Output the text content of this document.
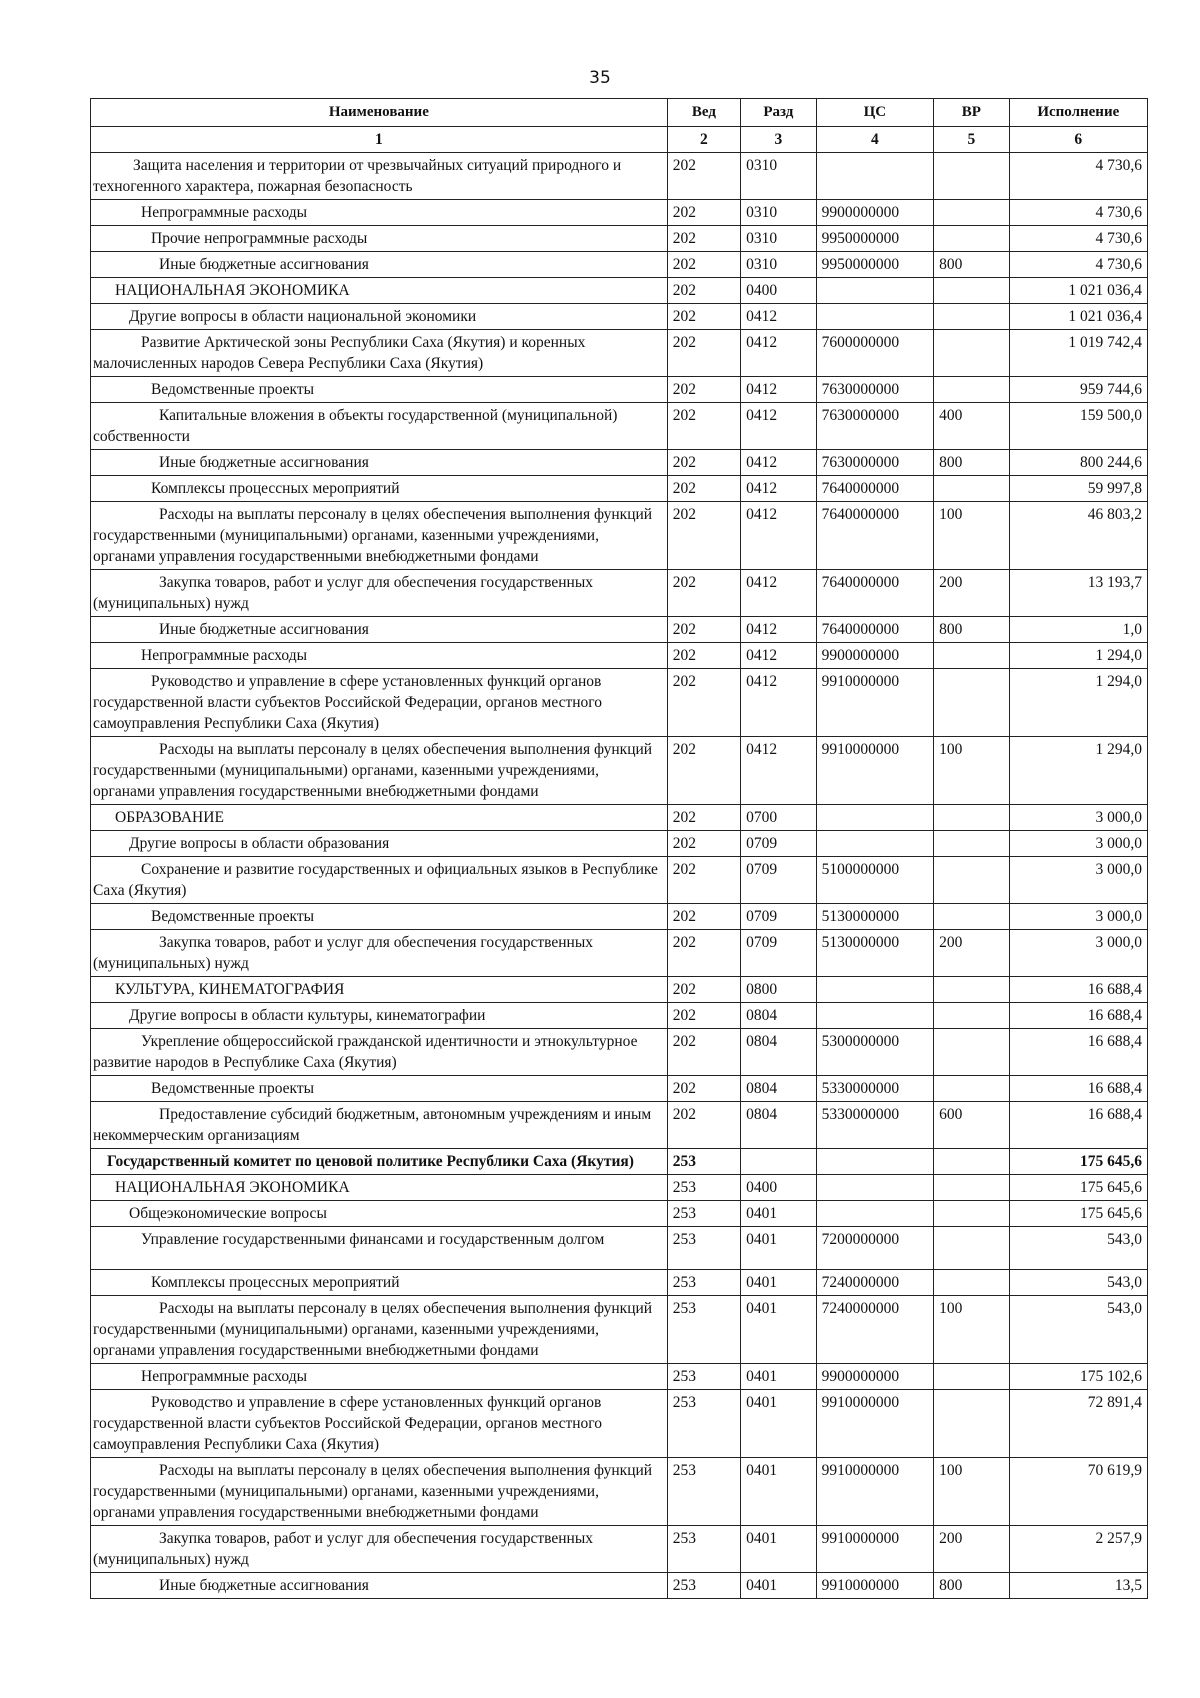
35
Наименование	Вед	Разд	ЦС	ВР	Исполнение
1	2	3	4	5	6
Защита населения и территории от чрезвычайных ситуаций природного и техногенного характера, пожарная безопасность	202	0310			4 730,6
Непрограммные расходы	202	0310	9900000000		4 730,6
Прочие непрограммные расходы	202	0310	9950000000		4 730,6
Иные бюджетные ассигнования	202	0310	9950000000	800	4 730,6
НАЦИОНАЛЬНАЯ ЭКОНОМИКА	202	0400			1 021 036,4
Другие вопросы в области национальной экономики	202	0412			1 021 036,4
Развитие Арктической зоны Республики Саха (Якутия) и коренных малочисленных народов Севера Республики Саха (Якутия)	202	0412	7600000000		1 019 742,4
Ведомственные проекты	202	0412	7630000000		959 744,6
Капитальные вложения в объекты государственной (муниципальной) собственности	202	0412	7630000000	400	159 500,0
Иные бюджетные ассигнования	202	0412	7630000000	800	800 244,6
Комплексы процессных мероприятий	202	0412	7640000000		59 997,8
Расходы на выплаты персоналу в целях обеспечения выполнения функций государственными (муниципальными) органами, казенными учреждениями, органами управления государственными внебюджетными фондами	202	0412	7640000000	100	46 803,2
Закупка товаров, работ и услуг для обеспечения государственных (муниципальных) нужд	202	0412	7640000000	200	13 193,7
Иные бюджетные ассигнования	202	0412	7640000000	800	1,0
Непрограммные расходы	202	0412	9900000000		1 294,0
Руководство и управление в сфере установленных функций органов государственной власти субъектов Российской Федерации, органов местного самоуправления Республики Саха (Якутия)	202	0412	9910000000		1 294,0
Расходы на выплаты персоналу в целях обеспечения выполнения функций государственными (муниципальными) органами, казенными учреждениями, органами управления государственными внебюджетными фондами	202	0412	9910000000	100	1 294,0
ОБРАЗОВАНИЕ	202	0700			3 000,0
Другие вопросы в области образования	202	0709			3 000,0
Сохранение и развитие государственных и официальных языков в Республике Саха (Якутия)	202	0709	5100000000		3 000,0
Ведомственные проекты	202	0709	5130000000		3 000,0
Закупка товаров, работ и услуг для обеспечения государственных (муниципальных) нужд	202	0709	5130000000	200	3 000,0
КУЛЬТУРА, КИНЕМАТОГРАФИЯ	202	0800			16 688,4
Другие вопросы в области культуры, кинематографии	202	0804			16 688,4
Укрепление общероссийской гражданской идентичности и этнокультурное развитие народов в Республике Саха (Якутия)	202	0804	5300000000		16 688,4
Ведомственные проекты	202	0804	5330000000		16 688,4
Предоставление субсидий бюджетным, автономным учреждениям и иным некоммерческим организациям	202	0804	5330000000	600	16 688,4
Государственный комитет по ценовой политике Республики Саха (Якутия)	253				175 645,6
НАЦИОНАЛЬНАЯ ЭКОНОМИКА	253	0400			175 645,6
Общеэкономические вопросы	253	0401			175 645,6
Управление государственными финансами и государственным долгом	253	0401	7200000000		543,0
Комплексы процессных мероприятий	253	0401	7240000000		543,0
Расходы на выплаты персоналу в целях обеспечения выполнения функций государственными (муниципальными) органами, казенными учреждениями, органами управления государственными внебюджетными фондами	253	0401	7240000000	100	543,0
Непрограммные расходы	253	0401	9900000000		175 102,6
Руководство и управление в сфере установленных функций органов государственной власти субъектов Российской Федерации, органов местного самоуправления Республики Саха (Якутия)	253	0401	9910000000		72 891,4
Расходы на выплаты персоналу в целях обеспечения выполнения функций государственными (муниципальными) органами, казенными учреждениями, органами управления государственными внебюджетными фондами	253	0401	9910000000	100	70 619,9
Закупка товаров, работ и услуг для обеспечения государственных (муниципальных) нужд	253	0401	9910000000	200	2 257,9
Иные бюджетные ассигнования	253	0401	9910000000	800	13,5
